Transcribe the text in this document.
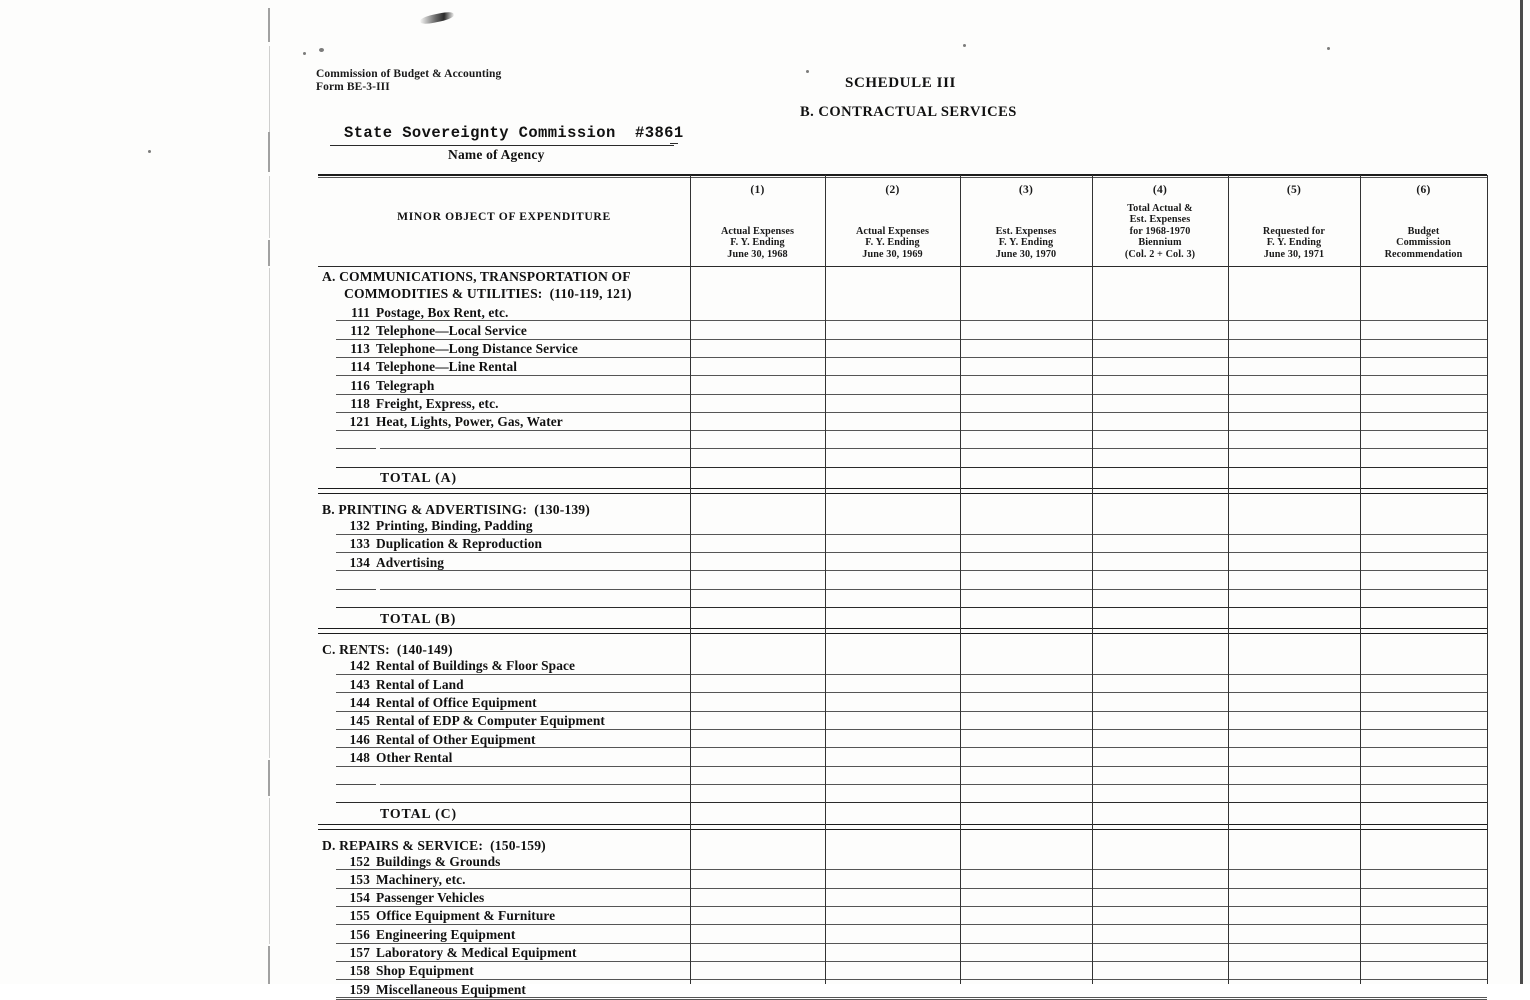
Commission of Budget & Accounting
Form BE-3-III	SCHEDULE III
B. CONTRACTUAL SERVICES
State Sovereignty Commission  #3861
Name of Agency
MINOR OBJECT OF EXPENDITURE
(1)
Actual Expenses
F. Y. Ending
June 30, 1968
(2)
Actual Expenses
F. Y. Ending
June 30, 1969
(3)
Est. Expenses
F. Y. Ending
June 30, 1970
(4)
Total Actual &
Est. Expenses
for 1968-1970
Biennium
(Col. 2 + Col. 3)
(5)
Requested for
F. Y. Ending
June 30, 1971
(6)
Budget
Commission
Recommendation
A. COMMUNICATIONS, TRANSPORTATION OF
COMMODITIES & UTILITIES:  (110-119, 121)
111 Postage, Box Rent, etc.
112 Telephone—Local Service
113 Telephone—Long Distance Service
114 Telephone—Line Rental
116 Telegraph
118 Freight, Express, etc.
121 Heat, Lights, Power, Gas, Water
TOTAL (A)
B. PRINTING & ADVERTISING:  (130-139)
132 Printing, Binding, Padding
133 Duplication & Reproduction
134 Advertising
TOTAL (B)
C. RENTS:  (140-149)
142 Rental of Buildings & Floor Space
143 Rental of Land
144 Rental of Office Equipment
145 Rental of EDP & Computer Equipment
146 Rental of Other Equipment
148 Other Rental
TOTAL (C)
D. REPAIRS & SERVICE:  (150-159)
152 Buildings & Grounds
153 Machinery, etc.
154 Passenger Vehicles
155 Office Equipment & Furniture
156 Engineering Equipment
157 Laboratory & Medical Equipment
158 Shop Equipment
159 Miscellaneous Equipment
